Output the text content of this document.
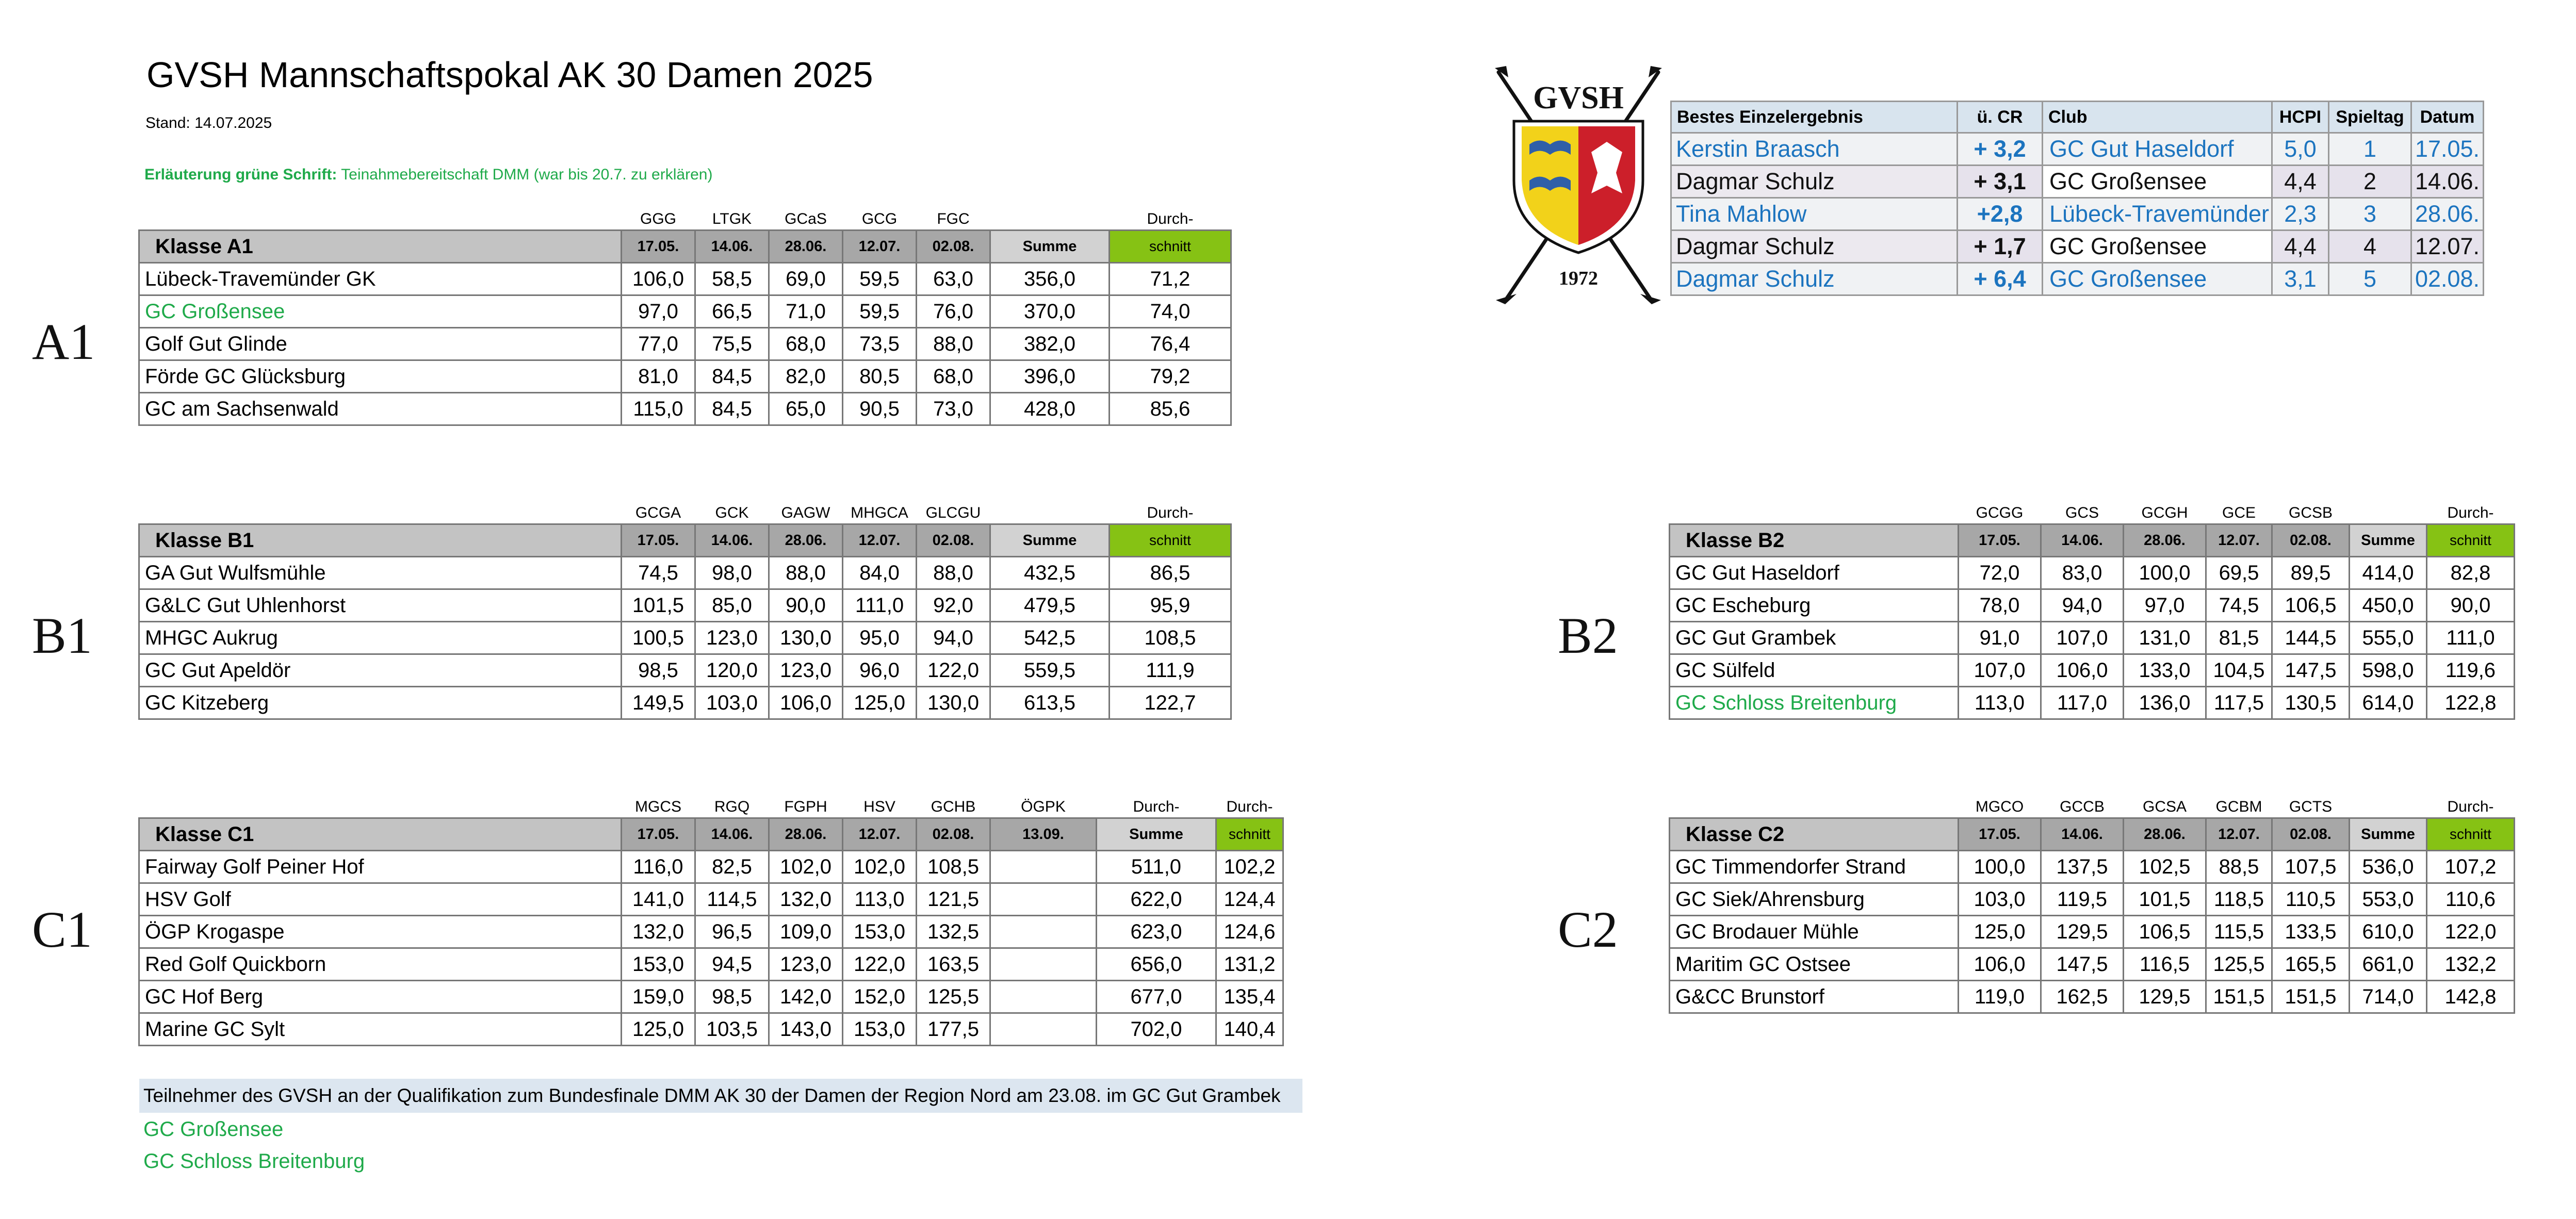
GVSH Mannschaftspokal AK 30 Damen 2025
Stand: 14.07.2025
Erläuterung grüne Schrift: Teinahmebereitschaft DMM (war bis 20.7. zu erklären)
GVSH
1972
Bestes Einzelergebnis	ü. CR	Club	HCPI	Spieltag	Datum
Kerstin Braasch	+ 3,2	GC Gut Haseldorf	5,0	1	17.05.
Dagmar Schulz	+ 3,1	GC Großensee	4,4	2	14.06.
Tina Mahlow	+2,8	Lübeck-Travemünder	2,3	3	28.06.
Dagmar Schulz	+ 1,7	GC Großensee	4,4	4	12.07.
Dagmar Schulz	+ 6,4	GC Großensee	3,1	5	02.08.
A1
B1	B2
C1	C2
	GGG	LTGK	GCaS	GCG	FGC		Durch-
Klasse A1	17.05.	14.06.	28.06.	12.07.	02.08.	Summe	schnitt
Lübeck-Travemünder GK	106,0	58,5	69,0	59,5	63,0	356,0	71,2
GC Großensee	97,0	66,5	71,0	59,5	76,0	370,0	74,0
Golf Gut Glinde	77,0	75,5	68,0	73,5	88,0	382,0	76,4
Förde GC Glücksburg	81,0	84,5	82,0	80,5	68,0	396,0	79,2
GC am Sachsenwald	115,0	84,5	65,0	90,5	73,0	428,0	85,6
	GCGA	GCK	GAGW	MHGCA	GLCGU		Durch-
Klasse B1	17.05.	14.06.	28.06.	12.07.	02.08.	Summe	schnitt
GA Gut Wulfsmühle	74,5	98,0	88,0	84,0	88,0	432,5	86,5
G&LC Gut Uhlenhorst	101,5	85,0	90,0	111,0	92,0	479,5	95,9
MHGC Aukrug	100,5	123,0	130,0	95,0	94,0	542,5	108,5
GC Gut Apeldör	98,5	120,0	123,0	96,0	122,0	559,5	111,9
GC Kitzeberg	149,5	103,0	106,0	125,0	130,0	613,5	122,7
	GCGG	GCS	GCGH	GCE	GCSB		Durch-
Klasse B2	17.05.	14.06.	28.06.	12.07.	02.08.	Summe	schnitt
GC Gut Haseldorf	72,0	83,0	100,0	69,5	89,5	414,0	82,8
GC Escheburg	78,0	94,0	97,0	74,5	106,5	450,0	90,0
GC Gut Grambek	91,0	107,0	131,0	81,5	144,5	555,0	111,0
GC Sülfeld	107,0	106,0	133,0	104,5	147,5	598,0	119,6
GC Schloss Breitenburg	113,0	117,0	136,0	117,5	130,5	614,0	122,8
	MGCS	RGQ	FGPH	HSV	GCHB	ÖGPK	Durch-	Durch-
Klasse C1	17.05.	14.06.	28.06.	12.07.	02.08.	13.09.	Summe	schnitt
Fairway Golf Peiner Hof	116,0	82,5	102,0	102,0	108,5		511,0	102,2
HSV Golf	141,0	114,5	132,0	113,0	121,5		622,0	124,4
ÖGP Krogaspe	132,0	96,5	109,0	153,0	132,5		623,0	124,6
Red Golf Quickborn	153,0	94,5	123,0	122,0	163,5		656,0	131,2
GC Hof Berg	159,0	98,5	142,0	152,0	125,5		677,0	135,4
Marine GC Sylt	125,0	103,5	143,0	153,0	177,5		702,0	140,4
	MGCO	GCCB	GCSA	GCBM	GCTS		Durch-
Klasse C2	17.05.	14.06.	28.06.	12.07.	02.08.	Summe	schnitt
GC Timmendorfer Strand	100,0	137,5	102,5	88,5	107,5	536,0	107,2
GC Siek/Ahrensburg	103,0	119,5	101,5	118,5	110,5	553,0	110,6
GC Brodauer Mühle	125,0	129,5	106,5	115,5	133,5	610,0	122,0
Maritim GC Ostsee	106,0	147,5	116,5	125,5	165,5	661,0	132,2
G&CC Brunstorf	119,0	162,5	129,5	151,5	151,5	714,0	142,8
Teilnehmer des GVSH an der Qualifikation zum Bundesfinale DMM AK 30 der Damen der Region Nord am 23.08. im GC Gut Grambek
GC Großensee
GC Schloss Breitenburg
